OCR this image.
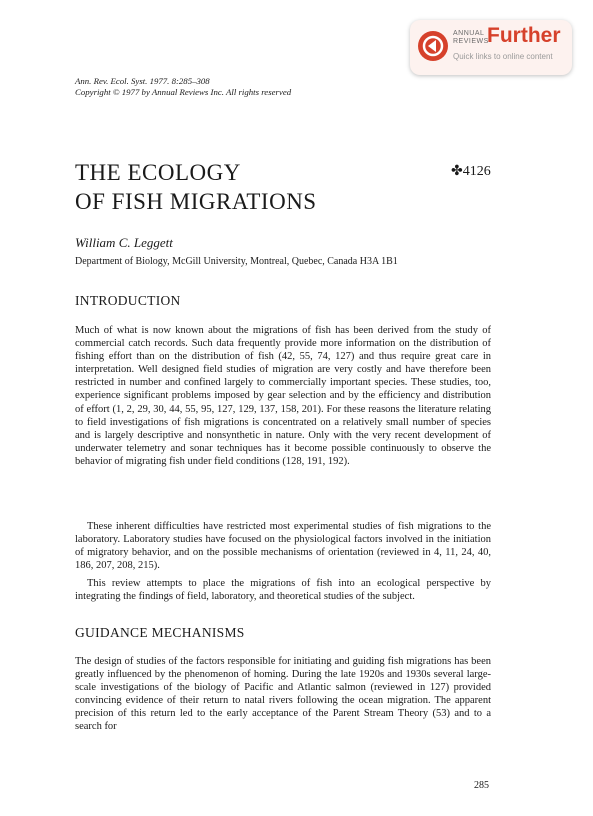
ANNUAL
REVIEWS
Further
Quick links to online content
Ann. Rev. Ecol. Syst. 1977. 8:285–308
Copyright © 1977 by Annual Reviews Inc. All rights reserved
THE ECOLOGY
OF FISH MIGRATIONS
✤4126
William C. Leggett
Department of Biology, McGill University, Montreal, Quebec, Canada H3A 1B1
INTRODUCTION
Much of what is now known about the migrations of fish has been derived from the study of commercial catch records. Such data frequently provide more information on the distribution of fishing effort than on the distribution of fish (42, 55, 74, 127) and thus require great care in interpretation. Well designed field studies of migration are very costly and have therefore been restricted in number and confined largely to commercially important species. These studies, too, experience significant problems imposed by gear selection and by the efficiency and distribution of effort (1, 2, 29, 30, 44, 55, 95, 127, 129, 137, 158, 201). For these reasons the literature relating to field investigations of fish migrations is concentrated on a relatively small number of species and is largely descriptive and nonsynthetic in nature. Only with the very recent development of underwater telemetry and sonar techniques has it become possible continuously to observe the behavior of migrating fish under field conditions (128, 191, 192).
These inherent difficulties have restricted most experimental studies of fish migrations to the laboratory. Laboratory studies have focused on the physiological factors involved in the initiation of migratory behavior, and on the possible mechanisms of orientation (reviewed in 4, 11, 24, 40, 186, 207, 208, 215).
This review attempts to place the migrations of fish into an ecological perspective by integrating the findings of field, laboratory, and theoretical studies of the subject.
GUIDANCE MECHANISMS
The design of studies of the factors responsible for initiating and guiding fish migrations has been greatly influenced by the phenomenon of homing. During the late 1920s and 1930s several large-scale investigations of the biology of Pacific and Atlantic salmon (reviewed in 127) provided convincing evidence of their return to natal rivers following the ocean migration. The apparent precision of this return led to the early acceptance of the Parent Stream Theory (53) and to a search for
285
